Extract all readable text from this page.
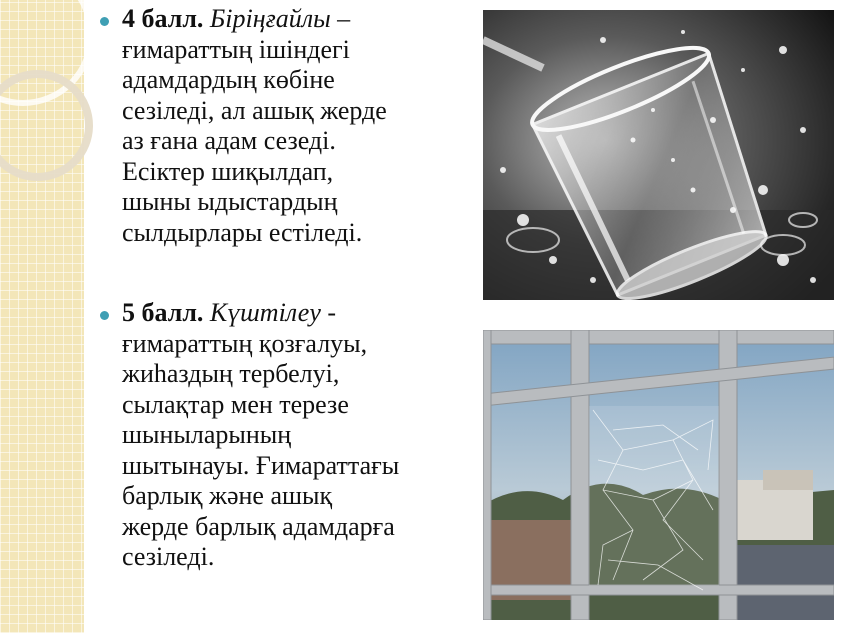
4 балл. Біріңғайлы –
ғимараттың ішіндегі
адамдардың көбіне
сезіледі, ал ашық жерде
аз ғана адам сезеді.
Есіктер шиқылдап,
шыны ыдыстардың
сылдырлары естіледі.
5 балл. Күштілеу -
ғимараттың қозғалуы,
жиһаздың тербелуі,
сылақтар мен терезе
шыныларының
шытынауы. Ғимараттағы
барлық және ашық
жерде барлық адамдарға
сезіледі.
